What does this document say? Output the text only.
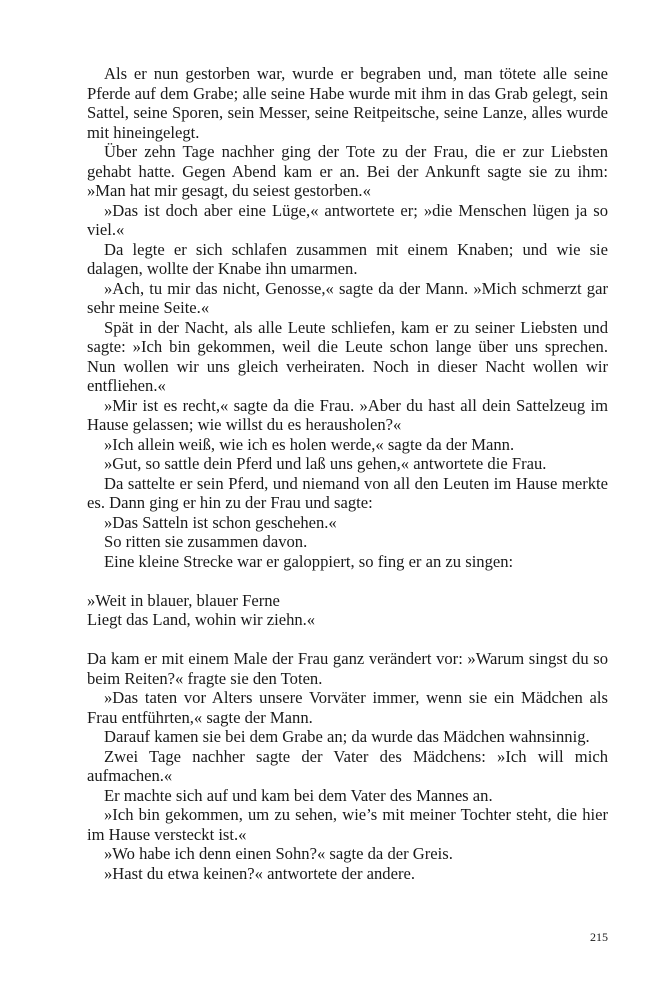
Als er nun gestorben war, wurde er begraben und, man tötete alle seine Pferde auf dem Grabe; alle seine Habe wurde mit ihm in das Grab gelegt, sein Sattel, seine Sporen, sein Messer, seine Reitpeitsche, seine Lanze, alles wurde mit hineingelegt.

Über zehn Tage nachher ging der Tote zu der Frau, die er zur Liebsten gehabt hatte. Gegen Abend kam er an. Bei der Ankunft sagte sie zu ihm: »Man hat mir gesagt, du seiest gestorben.«

»Das ist doch aber eine Lüge,« antwortete er; »die Menschen lügen ja so viel.«

Da legte er sich schlafen zusammen mit einem Knaben; und wie sie dalagen, wollte der Knabe ihn umarmen.

»Ach, tu mir das nicht, Genosse,« sagte da der Mann. »Mich schmerzt gar sehr meine Seite.«

Spät in der Nacht, als alle Leute schliefen, kam er zu seiner Liebsten und sagte: »Ich bin gekommen, weil die Leute schon lange über uns sprechen. Nun wollen wir uns gleich verheiraten. Noch in dieser Nacht wollen wir entfliehen.«

»Mir ist es recht,« sagte da die Frau. »Aber du hast all dein Sattelzeug im Hause gelassen; wie willst du es herausholen?«

»Ich allein weiß, wie ich es holen werde,« sagte da der Mann.

»Gut, so sattle dein Pferd und laß uns gehen,« antwortete die Frau.

Da sattelte er sein Pferd, und niemand von all den Leuten im Hause merkte es. Dann ging er hin zu der Frau und sagte:

»Das Satteln ist schon geschehen.«

So ritten sie zusammen davon.

Eine kleine Strecke war er galoppiert, so fing er an zu singen:

»Weit in blauer, blauer Ferne
Liegt das Land, wohin wir ziehn.«

Da kam er mit einem Male der Frau ganz verändert vor: »Warum singst du so beim Reiten?« fragte sie den Toten.

»Das taten vor Alters unsere Vorväter immer, wenn sie ein Mädchen als Frau entführten,« sagte der Mann.

Darauf kamen sie bei dem Grabe an; da wurde das Mädchen wahnsinnig.

Zwei Tage nachher sagte der Vater des Mädchens: »Ich will mich aufmachen.«

Er machte sich auf und kam bei dem Vater des Mannes an.

»Ich bin gekommen, um zu sehen, wie’s mit meiner Tochter steht, die hier im Hause versteckt ist.«

»Wo habe ich denn einen Sohn?« sagte da der Greis.

»Hast du etwa keinen?« antwortete der andere.

215
